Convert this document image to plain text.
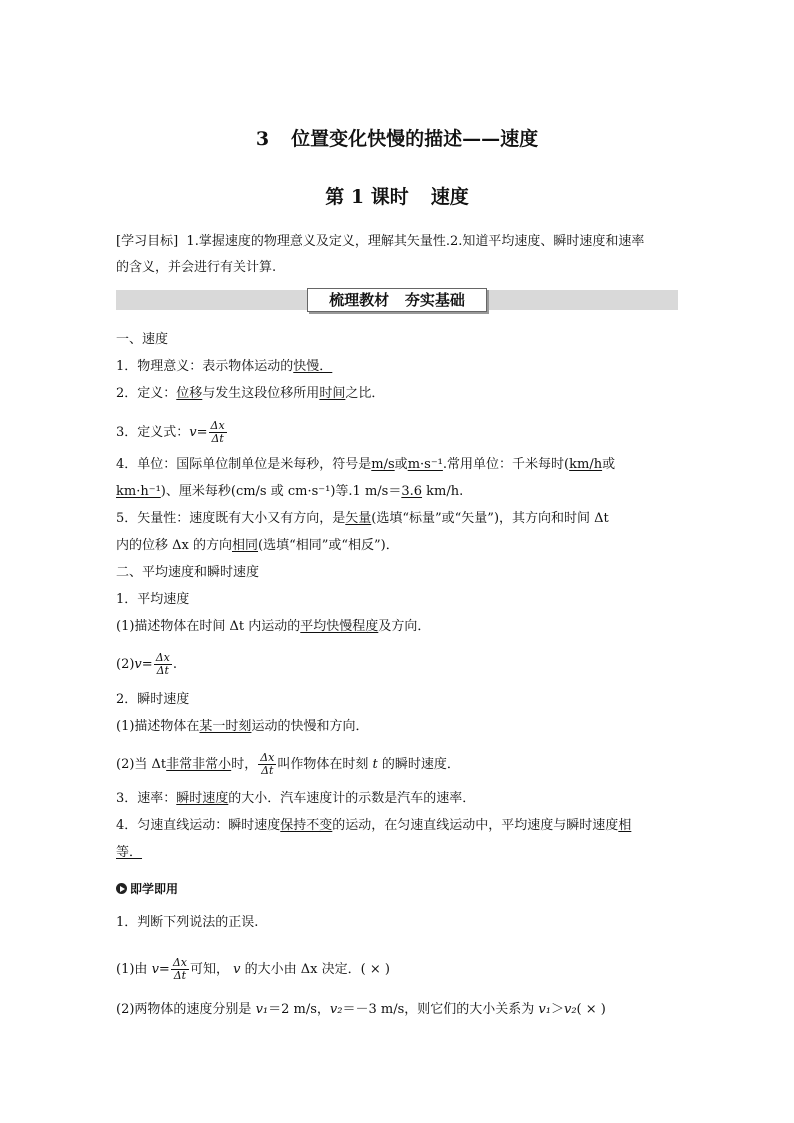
3 位置变化快慢的描述——速度
第 1 课时 速度
[学习目标] 1.掌握速度的物理意义及定义，理解其矢量性.2.知道平均速度、瞬时速度和速率
的含义，并会进行有关计算.
梳理教材 夯实基础
一、速度
1．物理意义：表示物体运动的快慢．
2．定义：位移与发生这段位移所用时间之比．
3．定义式：$v= \frac{\Delta x}{\Delta t}$
4．单位：国际单位制单位是米每秒，符号是m/s或m·s⁻¹.常用单位：千米每时(km/h或
km·h⁻¹)、厘米每秒(cm/s 或 cm·s⁻¹)等.1 m/s＝3.6 km/h.
5．矢量性：速度既有大小又有方向，是矢量(选填“标量”或“矢量”)，其方向和时间 Δt
内的位移 Δx 的方向相同(选填“相同”或“相反”)．
二、平均速度和瞬时速度
1．平均速度
(1)描述物体在时间 Δt 内运动的平均快慢程度及方向．
$(2)v= \frac{\Delta x}{\Delta t}$ .
2．瞬时速度
(1)描述物体在某一时刻运动的快慢和方向．
(2)当 Δt非常非常小时， $\frac{\Delta x}{\Delta t}$ 叫作物体在时刻 t 的瞬时速度．
3．速率：瞬时速度的大小．汽车速度计的示数是汽车的速率．
4．匀速直线运动：瞬时速度保持不变的运动，在匀速直线运动中，平均速度与瞬时速度相
等．
即学即用
1．判断下列说法的正误.
(1)由 $v= \frac{\Delta x}{\Delta t}$ 可知， v 的大小由 Δx 决定．( × )
(2)两物体的速度分别是 v₁＝2 m/s，v₂＝－3 m/s，则它们的大小关系为 v₁＞v₂( × )
